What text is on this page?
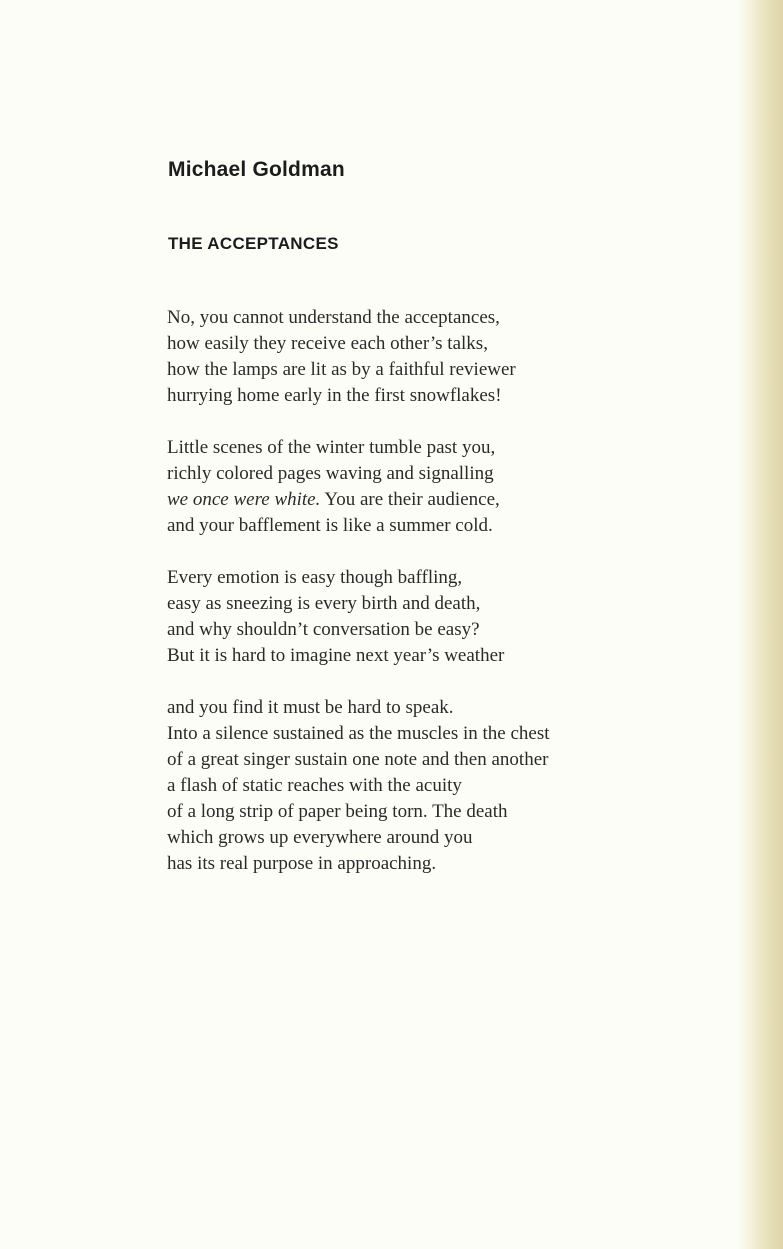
Michael Goldman
THE ACCEPTANCES

No, you cannot understand the acceptances,
how easily they receive each other’s talks,
how the lamps are lit as by a faithful reviewer
hurrying home early in the first snowflakes!

Little scenes of the winter tumble past you,
richly colored pages waving and signalling
we once were white. You are their audience,
and your bafflement is like a summer cold.

Every emotion is easy though baffling,
easy as sneezing is every birth and death,
and why shouldn’t conversation be easy?
But it is hard to imagine next year’s weather

and you find it must be hard to speak.
Into a silence sustained as the muscles in the chest
of a great singer sustain one note and then another
a flash of static reaches with the acuity
of a long strip of paper being torn. The death
which grows up everywhere around you
has its real purpose in approaching.
